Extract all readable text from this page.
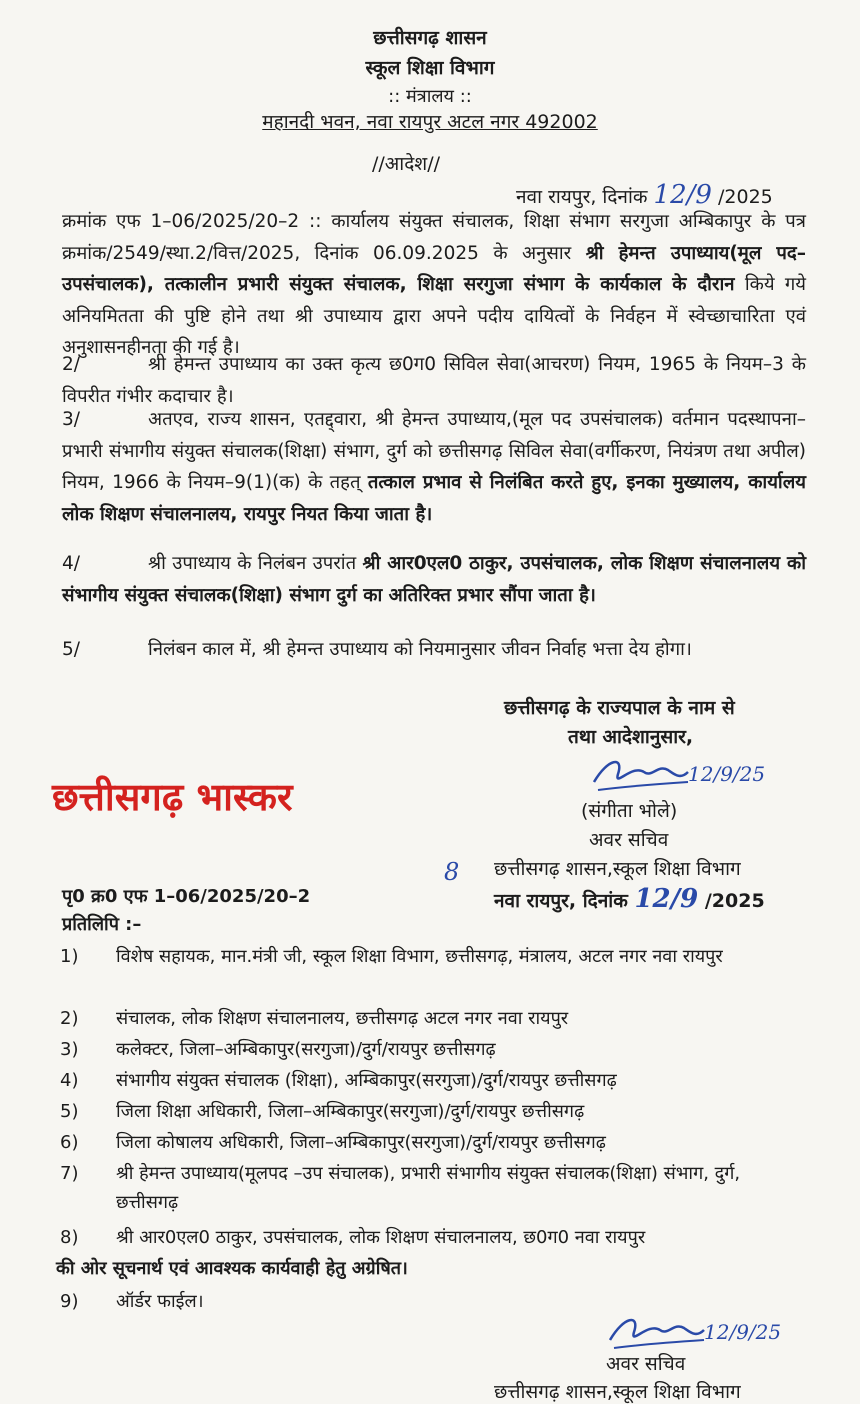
छत्तीसगढ़ शासन
स्कूल शिक्षा विभाग
:: मंत्रालय ::
महानदी भवन, नवा रायपुर अटल नगर 492002
//आदेश//
नवा रायपुर, दिनांक 12/9 /2025
क्रमांक एफ 1–06/2025/20–2 :: कार्यालय संयुक्त संचालक, शिक्षा संभाग सरगुजा अम्बिकापुर के पत्र क्रमांक/2549/स्था.2/वित्त/2025, दिनांक 06.09.2025 के अनुसार श्री हेमन्त उपाध्याय(मूल पद–उपसंचालक), तत्कालीन प्रभारी संयुक्त संचालक, शिक्षा सरगुजा संभाग के कार्यकाल के दौरान किये गये अनियमितता की पुष्टि होने तथा श्री उपाध्याय द्वारा अपने पदीय दायित्वों के निर्वहन में स्वेच्छाचारिता एवं अनुशासनहीनता की गई है।
2/	श्री हेमन्त उपाध्याय का उक्त कृत्य छ0ग0 सिविल सेवा(आचरण) नियम, 1965 के नियम–3 के विपरीत गंभीर कदाचार है।
3/	अतएव, राज्य शासन, एतद्द्वारा, श्री हेमन्त उपाध्याय,(मूल पद उपसंचालक) वर्तमान पदस्थापना– प्रभारी संभागीय संयुक्त संचालक(शिक्षा) संभाग, दुर्ग को छत्तीसगढ़ सिविल सेवा(वर्गीकरण, नियंत्रण तथा अपील) नियम, 1966 के नियम–9(1)(क) के तहत् तत्काल प्रभाव से निलंबित करते हुए, इनका मुख्यालय, कार्यालय लोक शिक्षण संचालनालय, रायपुर नियत किया जाता है।
4/	श्री उपाध्याय के निलंबन उपरांत श्री आर0एल0 ठाकुर, उपसंचालक, लोक शिक्षण संचालनालय को संभागीय संयुक्त संचालक(शिक्षा) संभाग दुर्ग का अतिरिक्त प्रभार सौंपा जाता है।
5/	निलंबन काल में, श्री हेमन्त उपाध्याय को नियमानुसार जीवन निर्वाह भत्ता देय होगा।
छत्तीसगढ़ के राज्यपाल के नाम से
तथा आदेशानुसार,
छत्तीसगढ़ भास्कर
12/9/25
(संगीता भोले)
अवर सचिव
8 छत्तीसगढ़ शासन,स्कूल शिक्षा विभाग
पृ0 क्र0 एफ 1–06/2025/20–2	नवा रायपुर, दिनांक 12/9 /2025
प्रतिलिपि :–
1) विशेष सहायक, मान.मंत्री जी, स्कूल शिक्षा विभाग, छत्तीसगढ़, मंत्रालय, अटल नगर नवा रायपुर
2) संचालक, लोक शिक्षण संचालनालय, छत्तीसगढ़ अटल नगर नवा रायपुर
3) कलेक्टर, जिला–अम्बिकापुर(सरगुजा)/दुर्ग/रायपुर छत्तीसगढ़
4) संभागीय संयुक्त संचालक (शिक्षा), अम्बिकापुर(सरगुजा)/दुर्ग/रायपुर छत्तीसगढ़
5) जिला शिक्षा अधिकारी, जिला–अम्बिकापुर(सरगुजा)/दुर्ग/रायपुर छत्तीसगढ़
6) जिला कोषालय अधिकारी, जिला–अम्बिकापुर(सरगुजा)/दुर्ग/रायपुर छत्तीसगढ़
7) श्री हेमन्त उपाध्याय(मूलपद –उप संचालक), प्रभारी संभागीय संयुक्त संचालक(शिक्षा) संभाग, दुर्ग, छत्तीसगढ़
8) श्री आर0एल0 ठाकुर, उपसंचालक, लोक शिक्षण संचालनालय, छ0ग0 नवा रायपुर
की ओर सूचनार्थ एवं आवश्यक कार्यवाही हेतु अग्रेषित।
9) ऑर्डर फाईल।
12/9/25
अवर सचिव
छत्तीसगढ़ शासन,स्कूल शिक्षा विभाग
